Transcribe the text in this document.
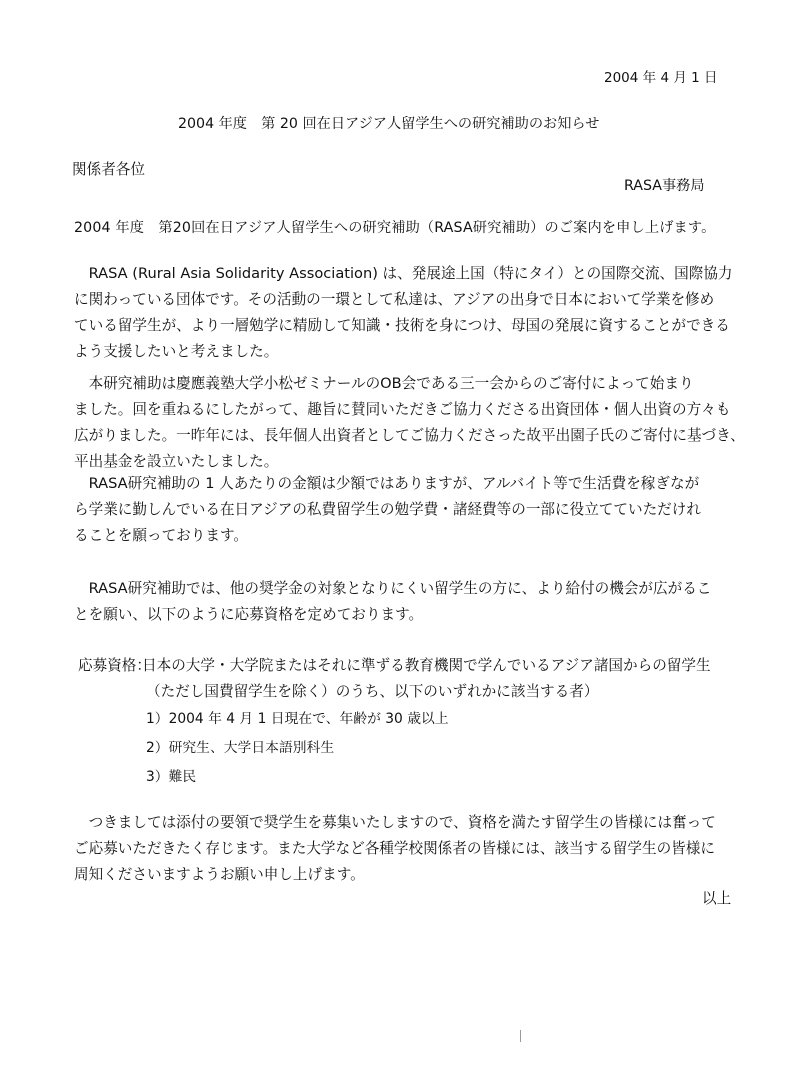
2004 年 4 月 1 日
2004 年度　第 20 回在日アジア人留学生への研究補助のお知らせ
関係者各位
RASA事務局
2004 年度　第20回在日アジア人留学生への研究補助（RASA研究補助）のご案内を申し上げます。
　RASA (Rural Asia Solidarity Association) は、発展途上国（特にタイ）との国際交流、国際協力
に関わっている団体です。その活動の一環として私達は、アジアの出身で日本において学業を修め
ている留学生が、より一層勉学に精励して知識・技術を身につけ、母国の発展に資することができる
よう支援したいと考えました。
　本研究補助は慶應義塾大学小松ゼミナールのOB会である三一会からのご寄付によって始まり
ました。回を重ねるにしたがって、趣旨に賛同いただきご協力くださる出資団体・個人出資の方々も
広がりました。一昨年には、長年個人出資者としてご協力くださった故平出園子氏のご寄付に基づき、
平出基金を設立いたしました。
　RASA研究補助の 1 人あたりの金額は少額ではありますが、アルバイト等で生活費を稼ぎなが
ら学業に勤しんでいる在日アジアの私費留学生の勉学費・諸経費等の一部に役立てていただけれ
ることを願っております。
　RASA研究補助では、他の奨学金の対象となりにくい留学生の方に、より給付の機会が広がるこ
とを願い、以下のように応募資格を定めております。
応募資格：
日本の大学・大学院またはそれに準ずる教育機関で学んでいるアジア諸国からの留学生
（ただし国費留学生を除く）のうち、以下のいずれかに該当する者）
1）2004 年 4 月 1 日現在で、年齢が 30 歳以上
2）研究生、大学日本語別科生
3）難民
　つきましては添付の要領で奨学生を募集いたしますので、資格を満たす留学生の皆様には奮って
ご応募いただきたく存じます。また大学など各種学校関係者の皆様には、該当する留学生の皆様に
周知くださいますようお願い申し上げます。
以上
